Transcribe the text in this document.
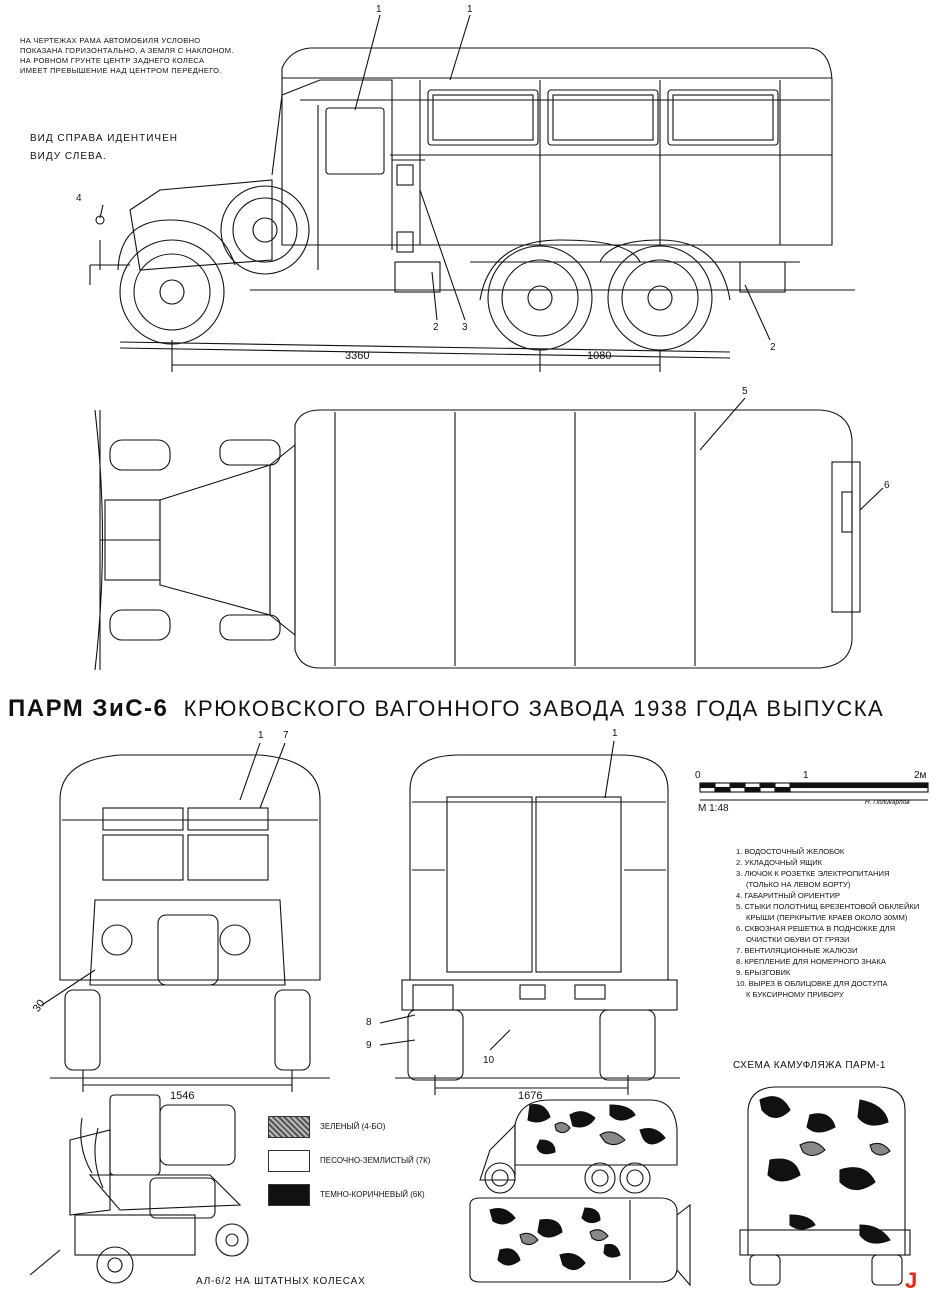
НА ЧЕРТЕЖАХ РАМА АВТОМОБИЛЯ УСЛОВНО
ПОКАЗАНА ГОРИЗОНТАЛЬНО, А ЗЕМЛЯ С НАКЛОНОМ.
НА РОВНОМ ГРУНТЕ ЦЕНТР ЗАДНЕГО КОЛЕСА
ИМЕЕТ ПРЕВЫШЕНИЕ НАД ЦЕНТРОМ ПЕРЕДНЕГО.
ВИД СПРАВА ИДЕНТИЧЕН
ВИДУ СЛЕВА.
1	1
4
2 3
2
3360	1080
5
6
ПАРМ ЗиС-6 КРЮКОВСКОГО ВАГОННОГО ЗАВОДА 1938 ГОДА ВЫПУСКА
1 7	1
8
9
10
30
1546	1676
0	1	2м
М 1:48
Н. Поликарпов
1. ВОДОСТОЧНЫЙ ЖЕЛОБОК
2. УКЛАДОЧНЫЙ ЯЩИК
3. ЛЮЧОК К РОЗЕТКЕ ЭЛЕКТРОПИТАНИЯ
(ТОЛЬКО НА ЛЕВОМ БОРТУ)
4. ГАБАРИТНЫЙ ОРИЕНТИР
5. СТЫКИ ПОЛОТНИЩ БРЕЗЕНТОВОЙ ОБКЛЕЙКИ
КРЫШИ (ПЕРКРЫТИЕ КРАЕВ ОКОЛО 30ММ)
6. СКВОЗНАЯ РЕШЕТКА В ПОДНОЖКЕ ДЛЯ
ОЧИСТКИ ОБУВИ ОТ ГРЯЗИ
7. ВЕНТИЛЯЦИОННЫЕ ЖАЛЮЗИ
8. КРЕПЛЕНИЕ ДЛЯ НОМЕРНОГО ЗНАКА
9. БРЫЗГОВИК
10. ВЫРЕЗ В ОБЛИЦОВКЕ ДЛЯ ДОСТУПА
К БУКСИРНОМУ ПРИБОРУ
СХЕМА КАМУФЛЯЖА ПАРМ-1
ЗЕЛЕНЫЙ (4-БО)
ПЕСОЧНО-ЗЕМЛИСТЫЙ (7К)
ТЕМНО-КОРИЧНЕВЫЙ (6К)
АЛ-6/2 НА ШТАТНЫХ КОЛЕСАХ	Ј
